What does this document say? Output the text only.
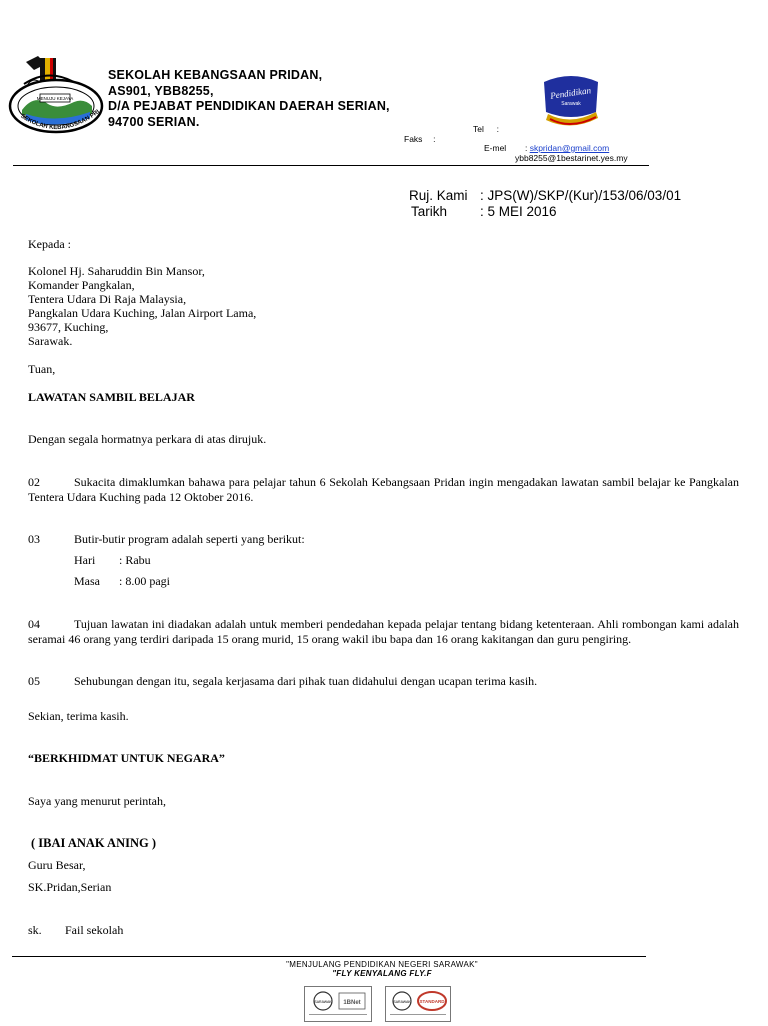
MENUJU KEJAYA
SEKOLAH KEBANGSAAN PRI
SEKOLAH KEBANGSAAN PRIDAN,
AS901, YBB8255,
D/A PEJABAT PENDIDIKAN DAERAH SERIAN,
94700 SERIAN.
Pendidikan
Sarawak
Tel :
Faks :
E-mel : skpridan@gmail.com
ybb8255@1bestarinet.yes.my
Ruj. Kami : JPS(W)/SKP/(Kur)/153/06/03/01
Tarikh : 5 MEI 2016
Kepada :
Kolonel Hj. Saharuddin Bin Mansor,
Komander Pangkalan,
Tentera Udara Di Raja Malaysia,
Pangkalan Udara Kuching, Jalan Airport Lama,
93677, Kuching,
Sarawak.
Tuan,
LAWATAN SAMBIL BELAJAR
Dengan segala hormatnya perkara di atas dirujuk.
02	Sukacita dimaklumkan bahawa para pelajar tahun 6 Sekolah Kebangsaan Pridan ingin mengadakan lawatan sambil belajar ke Pangkalan Tentera Udara Kuching pada 12 Oktober 2016.
03	Butir-butir program adalah seperti yang berikut:
Hari : Rabu
Masa : 8.00 pagi
04	Tujuan lawatan ini diadakan adalah untuk memberi pendedahan kepada pelajar tentang bidang ketenteraan. Ahli rombongan kami adalah seramai 46 orang yang terdiri daripada 15 orang murid, 15 orang wakil ibu bapa dan 16 orang kakitangan dan guru pengiring.
05	Sehubungan dengan itu, segala kerjasama dari pihak tuan didahului dengan ucapan terima kasih.
Sekian, terima kasih.
“BERKHIDMAT UNTUK NEGARA”
Saya yang menurut perintah,
( IBAI ANAK ANING )
Guru Besar,
SK.Pridan,Serian
sk. Fail sekolah
"MENJULANG PENDIDIKAN NEGERI SARAWAK"
"FLY KENYALANG FLY.F
SARAWAK 1BNet	SARAWAK STANDARD
